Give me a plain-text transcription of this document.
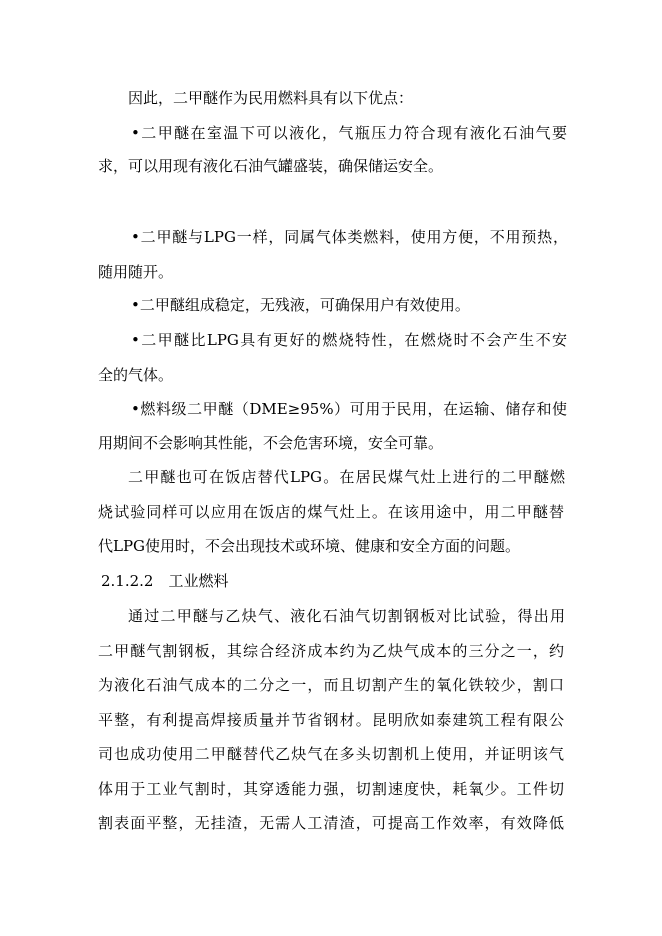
因此，二甲醚作为民用燃料具有以下优点：
•二甲醚在室温下可以液化，气瓶压力符合现有液化石油气要
求，可以用现有液化石油气罐盛装，确保储运安全。
•二甲醚与LPG一样，同属气体类燃料，使用方便，不用预热，
随用随开。
•二甲醚组成稳定，无残液，可确保用户有效使用。
•二甲醚比LPG具有更好的燃烧特性，在燃烧时不会产生不安
全的气体。
•燃料级二甲醚（DME≥95%）可用于民用，在运输、储存和使
用期间不会影响其性能，不会危害环境，安全可靠。
二甲醚也可在饭店替代LPG。在居民煤气灶上进行的二甲醚燃
烧试验同样可以应用在饭店的煤气灶上。在该用途中，用二甲醚替
代LPG使用时，不会出现技术或环境、健康和安全方面的问题。
2.1.2.2　工业燃料
通过二甲醚与乙炔气、液化石油气切割钢板对比试验，得出用
二甲醚气割钢板，其综合经济成本约为乙炔气成本的三分之一，约
为液化石油气成本的二分之一，而且切割产生的氧化铁较少，割口
平整，有利提高焊接质量并节省钢材。昆明欣如泰建筑工程有限公
司也成功使用二甲醚替代乙炔气在多头切割机上使用，并证明该气
体用于工业气割时，其穿透能力强，切割速度快，耗氧少。工件切
割表面平整，无挂渣，无需人工清渣，可提高工作效率，有效降低
